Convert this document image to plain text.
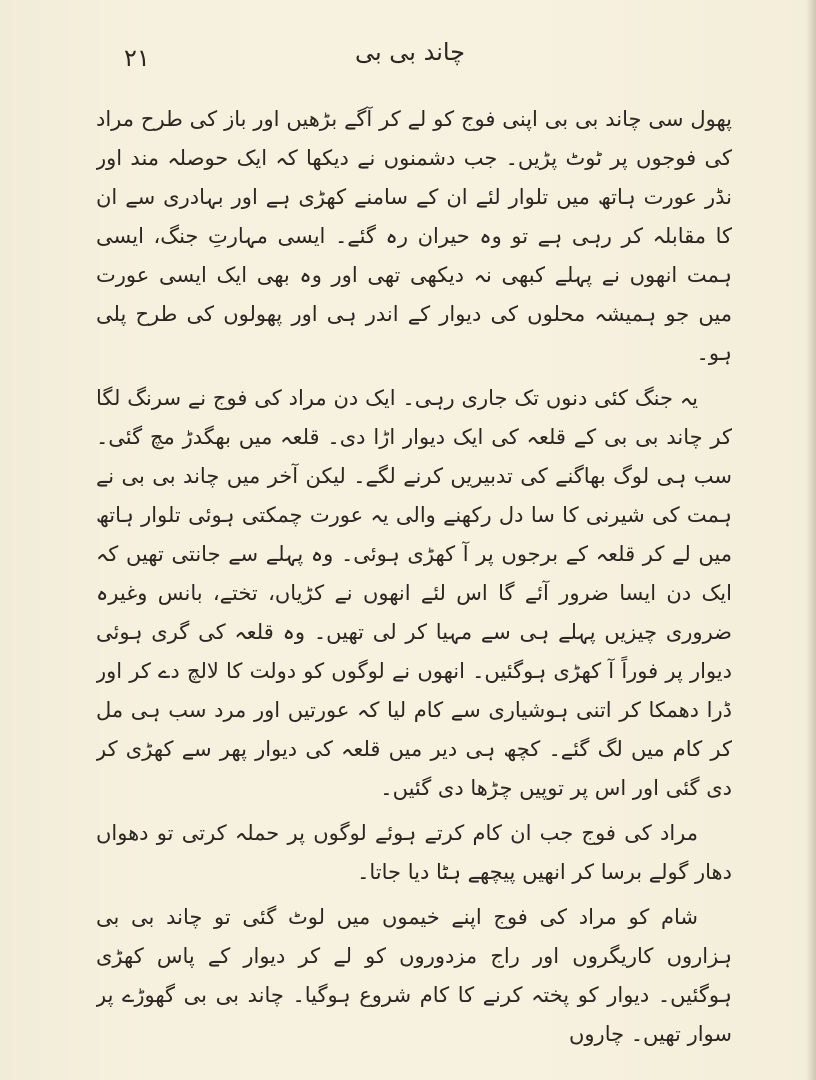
۲۱	چاند بی بی

پھول سی چاند بی بی اپنی فوج کو لے کر آگے بڑھیں اور باز کی طرح مراد کی فوجوں پر ٹوٹ پڑیں۔ جب دشمنوں نے دیکھا کہ ایک حوصلہ مند اور نڈر عورت ہاتھ میں تلوار لئے ان کے سامنے کھڑی ہے اور بہادری سے ان کا مقابلہ کر رہی ہے تو وہ حیران رہ گئے۔ ایسی مہارتِ جنگ، ایسی ہمت انھوں نے پہلے کبھی نہ دیکھی تھی اور وہ بھی ایک ایسی عورت میں جو ہمیشہ محلوں کی دیوار کے اندر ہی اور پھولوں کی طرح پلی ہو۔

یہ جنگ کئی دنوں تک جاری رہی۔ ایک دن مراد کی فوج نے سرنگ لگا کر چاند بی بی کے قلعہ کی ایک دیوار اڑا دی۔ قلعہ میں بھگدڑ مچ گئی۔ سب ہی لوگ بھاگنے کی تدبیریں کرنے لگے۔ لیکن آخر میں چاند بی بی نے ہمت کی شیرنی کا سا دل رکھنے والی یہ عورت چمکتی ہوئی تلوار ہاتھ میں لے کر قلعہ کے برجوں پر آ کھڑی ہوئی۔ وہ پہلے سے جانتی تھیں کہ ایک دن ایسا ضرور آئے گا اس لئے انھوں نے کڑیاں، تختے، بانس وغیرہ ضروری چیزیں پہلے ہی سے مہیا کر لی تھیں۔ وہ قلعہ کی گری ہوئی دیوار پر فوراً آ کھڑی ہوگئیں۔ انھوں نے لوگوں کو دولت کا لالچ دے کر اور ڈرا دھمکا کر اتنی ہوشیاری سے کام لیا کہ عورتیں اور مرد سب ہی مل کر کام میں لگ گئے۔ کچھ ہی دیر میں قلعہ کی دیوار پھر سے کھڑی کر دی گئی اور اس پر توپیں چڑھا دی گئیں۔

مراد کی فوج جب ان کام کرتے ہوئے لوگوں پر حملہ کرتی تو دھواں دھار گولے برسا کر انھیں پیچھے ہٹا دیا جاتا۔

شام کو مراد کی فوج اپنے خیموں میں لوٹ گئی تو چاند بی بی ہزاروں کاریگروں اور راج مزدوروں کو لے کر دیوار کے پاس کھڑی ہوگئیں۔ دیوار کو پختہ کرنے کا کام شروع ہوگیا۔ چاند بی بی گھوڑے پر سوار تھیں۔ چاروں
